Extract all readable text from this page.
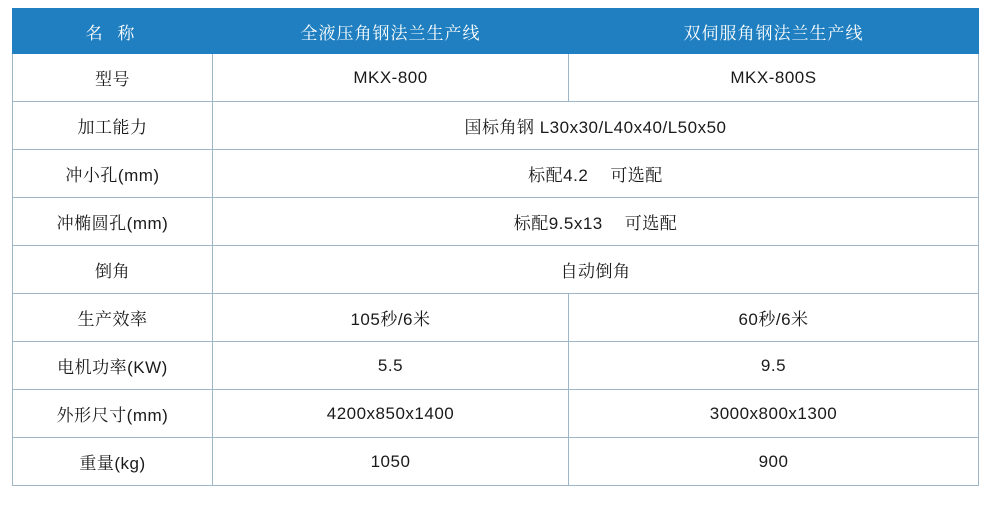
名 称	全液压角钢法兰生产线	双伺服角钢法兰生产线
型号	MKX-800	MKX-800S
加工能力	国标角钢 L30x30/L40x40/L50x50	
冲小孔(mm)	标配4.2 可选配	
冲椭圆孔(mm)	标配9.5x13 可选配	
倒角	自动倒角	
生产效率	105秒/6米	60秒/6米
电机功率(KW)	5.5	9.5
外形尺寸(mm)	4200x850x1400	3000x800x1300
重量(kg)	1050	900
